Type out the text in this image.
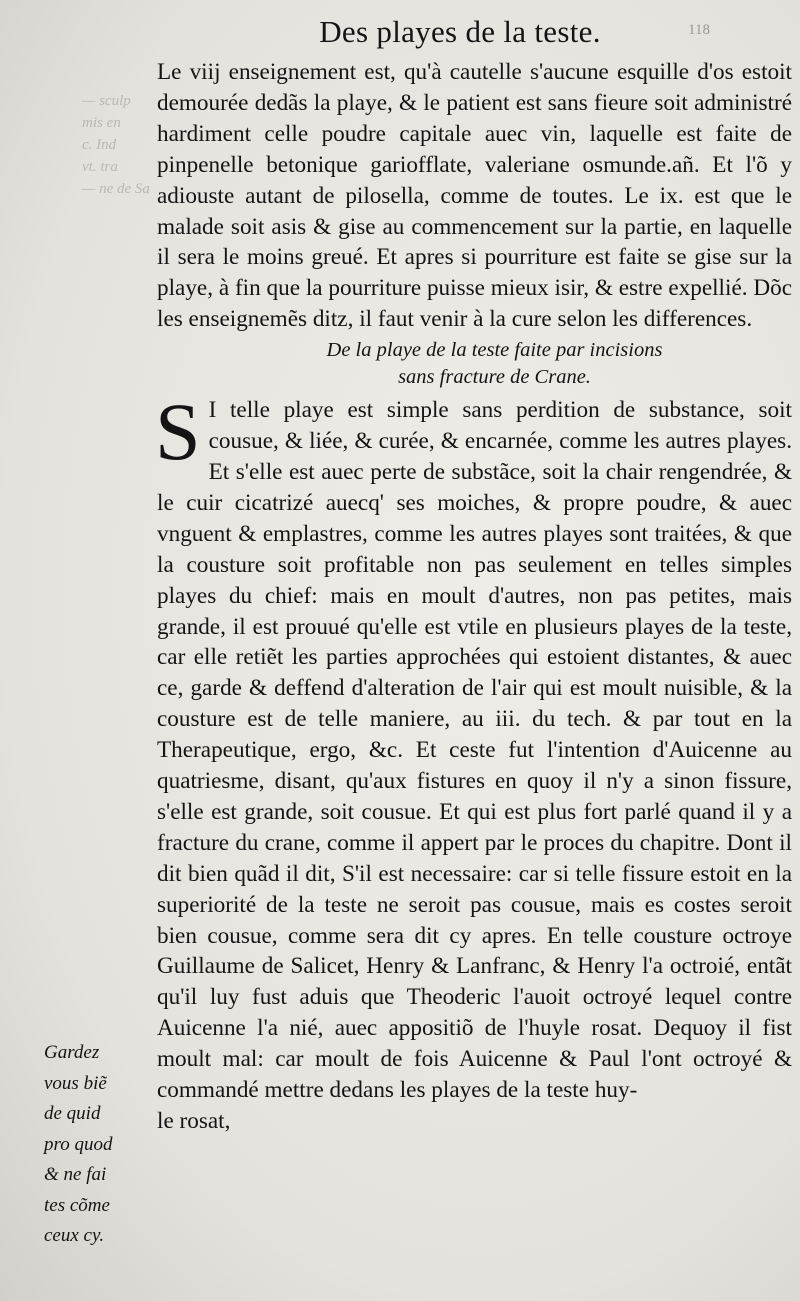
— sculp
mis en
c. Ind
vt. tra
— ne de Sa
Des playes de la teste.	118

Le viij enseignement est, qu'à cautelle s'aucune esquille d'os estoit demourée dedãs la playe, & le patient est sans fieure soit administré hardiment celle poudre capitale auec vin, laquelle est faite de pinpenelle betonique gariofflate, valeriane osmunde.añ. Et l'õ y adiouste autant de pilosella, comme de toutes. Le ix. est que le malade soit asis & gise au commencement sur la partie, en laquelle il sera le moins greué. Et apres si pourriture est faite se gise sur la playe, à fin que la pourriture puisse mieux isir, & estre expellié. Dõc les enseignemẽs ditz, il faut venir à la cure selon les differences.

De la playe de la teste faite par incisions
sans fracture de Crane.

S I telle playe est simple sans perdition de substance, soit cousue, & liée, & curée, & encarnée, comme les autres playes. Et s'elle est auec perte de substãce, soit la chair rengendrée, & le cuir cicatrizé auecq' ses moiches, & propre poudre, & auec vnguent & emplastres, comme les autres playes sont traitées, & que la cousture soit profitable non pas seulement en telles simples playes du chief: mais en moult d'autres, non pas petites, mais grande, il est prouué qu'elle est vtile en plusieurs playes de la teste, car elle retiẽt les parties approchées qui estoient distantes, & auec ce, garde & deffend d'alteration de l'air qui est moult nuisible, & la cousture est de telle maniere, au iii. du tech. & par tout en la Therapeutique, ergo, &c. Et ceste fut l'intention d'Auicenne au quatriesme, disant, qu'aux fistures en quoy il n'y a sinon fissure, s'elle est grande, soit cousue. Et qui est plus fort parlé quand il y a fracture du crane, comme il appert par le proces du chapitre. Dont il dit bien quãd il dit, S'il est necessaire: car si telle fissure estoit en la superiorité de la teste ne seroit pas cousue, mais es costes seroit bien cousue, comme sera dit cy apres. En telle cousture octroye Guillaume de Salicet, Henry & Lanfranc, & Henry l'a octroié, entãt qu'il luy fust aduis que Theoderic l'auoit octroyé lequel contre Auicenne l'a nié, auec appositiõ de l'huyle rosat. Dequoy il fist moult mal: car moult de fois Auicenne & Paul l'ont octroyé & commandé mettre dedans les playes de la teste huy-

le rosat,

Gardez
vous biẽ
de quid
pro quod
& ne fai
tes cõme
ceux cy.
